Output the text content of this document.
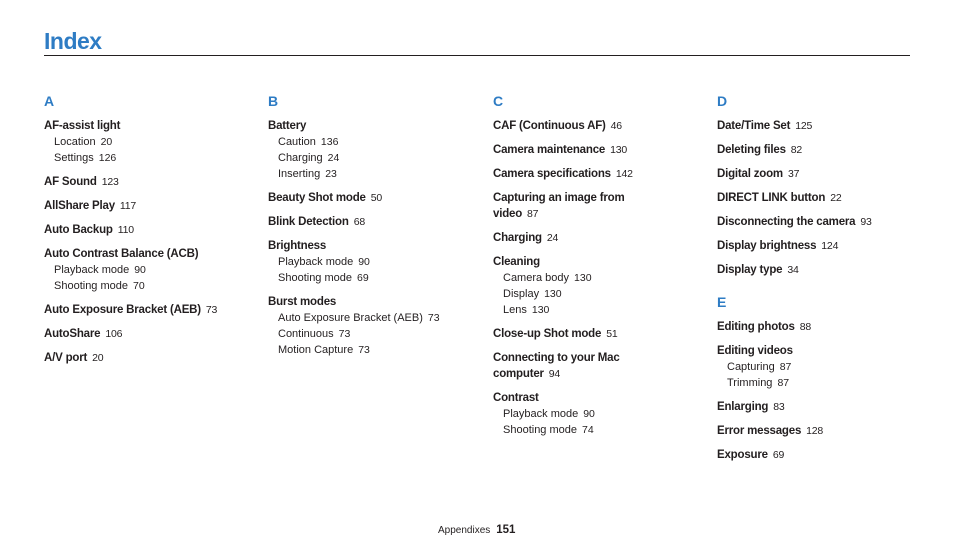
Index
A
AF-assist light
Location 20
Settings 126
AF Sound 123
AllShare Play 117
Auto Backup 110
Auto Contrast Balance (ACB)
Playback mode 90
Shooting mode 70
Auto Exposure Bracket (AEB) 73
AutoShare 106
A/V port 20
B
Battery
Caution 136
Charging 24
Inserting 23
Beauty Shot mode 50
Blink Detection 68
Brightness
Playback mode 90
Shooting mode 69
Burst modes
Auto Exposure Bracket (AEB) 73
Continuous 73
Motion Capture 73
C
CAF (Continuous AF) 46
Camera maintenance 130
Camera specifications 142
Capturing an image from video 87
Charging 24
Cleaning
Camera body 130
Display 130
Lens 130
Close-up Shot mode 51
Connecting to your Mac computer 94
Contrast
Playback mode 90
Shooting mode 74
D
Date/Time Set 125
Deleting files 82
Digital zoom 37
DIRECT LINK button 22
Disconnecting the camera 93
Display brightness 124
Display type 34
E
Editing photos 88
Editing videos
Capturing 87
Trimming 87
Enlarging 83
Error messages 128
Exposure 69
Appendixes 151
